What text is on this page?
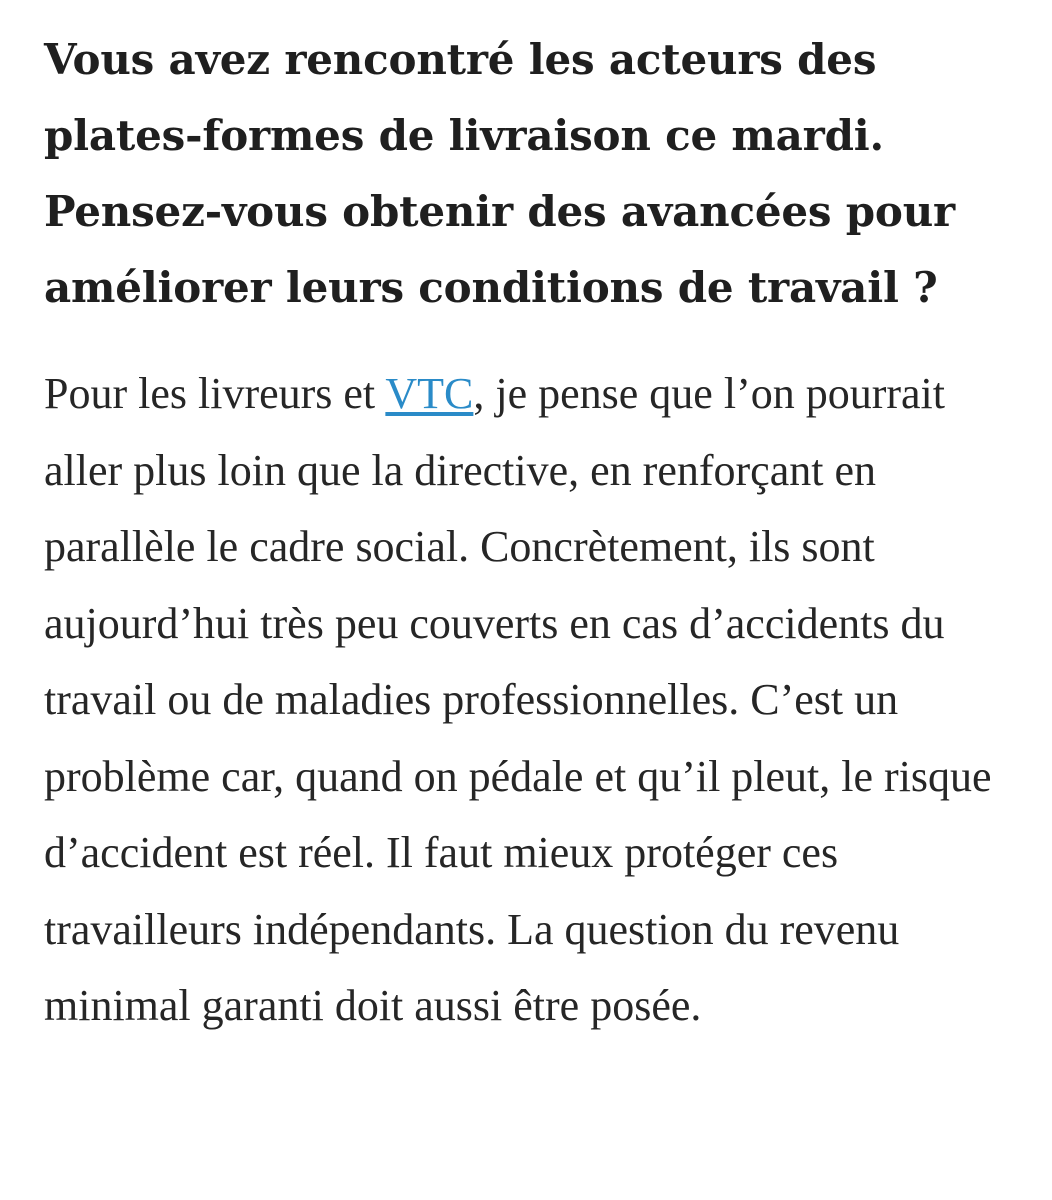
Vous avez rencontré les acteurs des plates-formes de livraison ce mardi. Pensez-vous obtenir des avancées pour améliorer leurs conditions de travail ?

Pour les livreurs et VTC, je pense que l’on pourrait aller plus loin que la directive, en renforçant en parallèle le cadre social. Concrètement, ils sont aujourd’hui très peu couverts en cas d’accidents du travail ou de maladies professionnelles. C’est un problème car, quand on pédale et qu’il pleut, le risque d’accident est réel. Il faut mieux protéger ces travailleurs indépendants. La question du revenu minimal garanti doit aussi être posée.
